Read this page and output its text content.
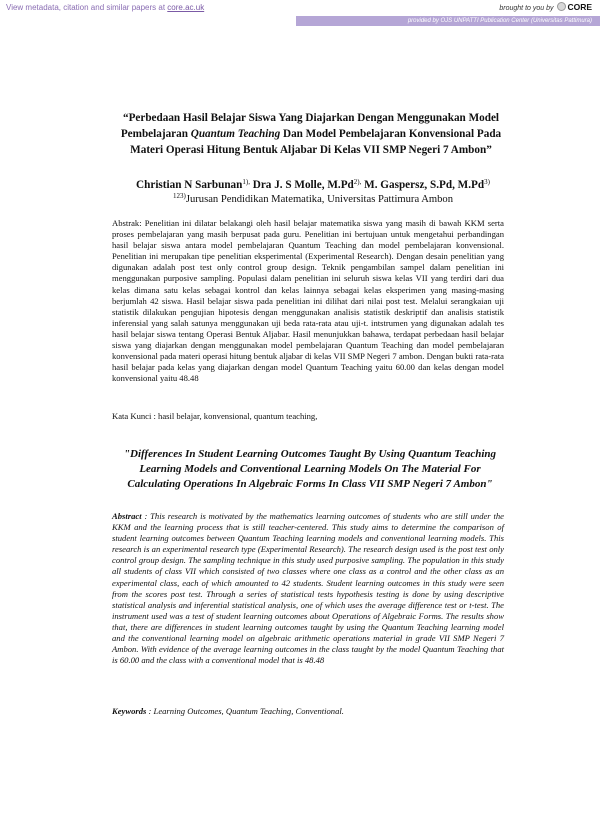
View metadata, citation and similar papers at core.ac.uk	brought to you by CORE
provided by OJS UNPATTI Publication Center (Universitas Pattimura)
“Perbedaan Hasil Belajar Siswa Yang Diajarkan Dengan Menggunakan Model Pembelajaran Quantum Teaching Dan Model Pembelajaran Konvensional Pada Materi Operasi Hitung Bentuk Aljabar Di Kelas VII SMP Negeri 7 Ambon”
Christian N Sarbunan$^{1),}$ Dra J. S Molle, $M.Pd^{2),}$ M. Gaspersz, S.Pd, M.Pd$^{3)}$
$^{123)}$Jurusan Pendidikan Matematika, Universitas Pattimura Ambon
Abstrak: Penelitian ini dilatar belakangi oleh hasil belajar matematika siswa yang masih di bawah KKM serta proses pembelajaran yang masih berpusat pada guru. Penelitian ini bertujuan untuk mengetahui perbandingan hasil belajar siswa antara model pembelajaran Quantum Teaching dan model pembelajaran konvensional. Penelitian ini merupakan tipe penelitian eksperimental (Experimental Research). Dengan desain penelitian yang digunakan adalah post test only control group design. Teknik pengambilan sampel dalam penelitian ini menggunakan purposive sampling. Populasi dalam penelitian ini seluruh siswa kelas VII yang terdiri dari dua kelas dimana satu kelas sebagai kontrol dan kelas lainnya sebagai kelas eksperimen yang masing-masing berjumlah 42 siswa. Hasil belajar siswa pada penelitian ini dilihat dari nilai post test. Melalui serangkaian uji statistik dilakukan pengujian hipotesis dengan menggunakan analisis statistik deskriptif dan analisis statistik inferensial yang salah satunya menggunakan uji beda rata-rata atau uji-t. intstrumen yang digunakan adalah tes hasil belajar siswa tentang Operasi Bentuk Aljabar. Hasil menunjukkan bahawa, terdapat perbedaan hasil belajar siswa yang diajarkan dengan menggunakan model pembelajaran Quantum Teaching dan model pembelajaran konvensional pada materi operasi hitung bentuk aljabar di kelas VII SMP Negeri 7 ambon. Dengan bukti rata-rata hasil belajar pada kelas yang diajarkan dengan model Quantum Teaching yaitu 60.00 dan kelas dengan model konvensional yaitu 48.48
Kata Kunci : hasil belajar, konvensional, quantum teaching,
"Differences In Student Learning Outcomes Taught By Using Quantum Teaching Learning Models and Conventional Learning Models On The Material For Calculating Operations In Algebraic Forms In Class VII SMP Negeri 7 Ambon"
Abstract : This research is motivated by the mathematics learning outcomes of students who are still under the KKM and the learning process that is still teacher-centered. This study aims to determine the comparison of student learning outcomes between Quantum Teaching learning models and conventional learning models. This research is an experimental research type (Experimental Research). The research design used is the post test only control group design. The sampling technique in this study used purposive sampling. The population in this study all students of class VII which consisted of two classes where one class as a control and the other class as an experimental class, each of which amounted to 42 students. Student learning outcomes in this study were seen from the scores post test. Through a series of statistical tests hypothesis testing is done by using descriptive statistical analysis and inferential statistical analysis, one of which uses the average difference test or t-test. The instrument used was a test of student learning outcomes about Operations of Algebraic Forms. The results show that, there are differences in student learning outcomes taught by using the Quantum Teaching learning model and the conventional learning model on algebraic arithmetic operations material in grade VII SMP Negeri 7 Ambon. With evidence of the average learning outcomes in the class taught by the model Quantum Teaching that is 60.00 and the class with a conventional model that is 48.48
Keywords : Learning Outcomes, Quantum Teaching, Conventional.
